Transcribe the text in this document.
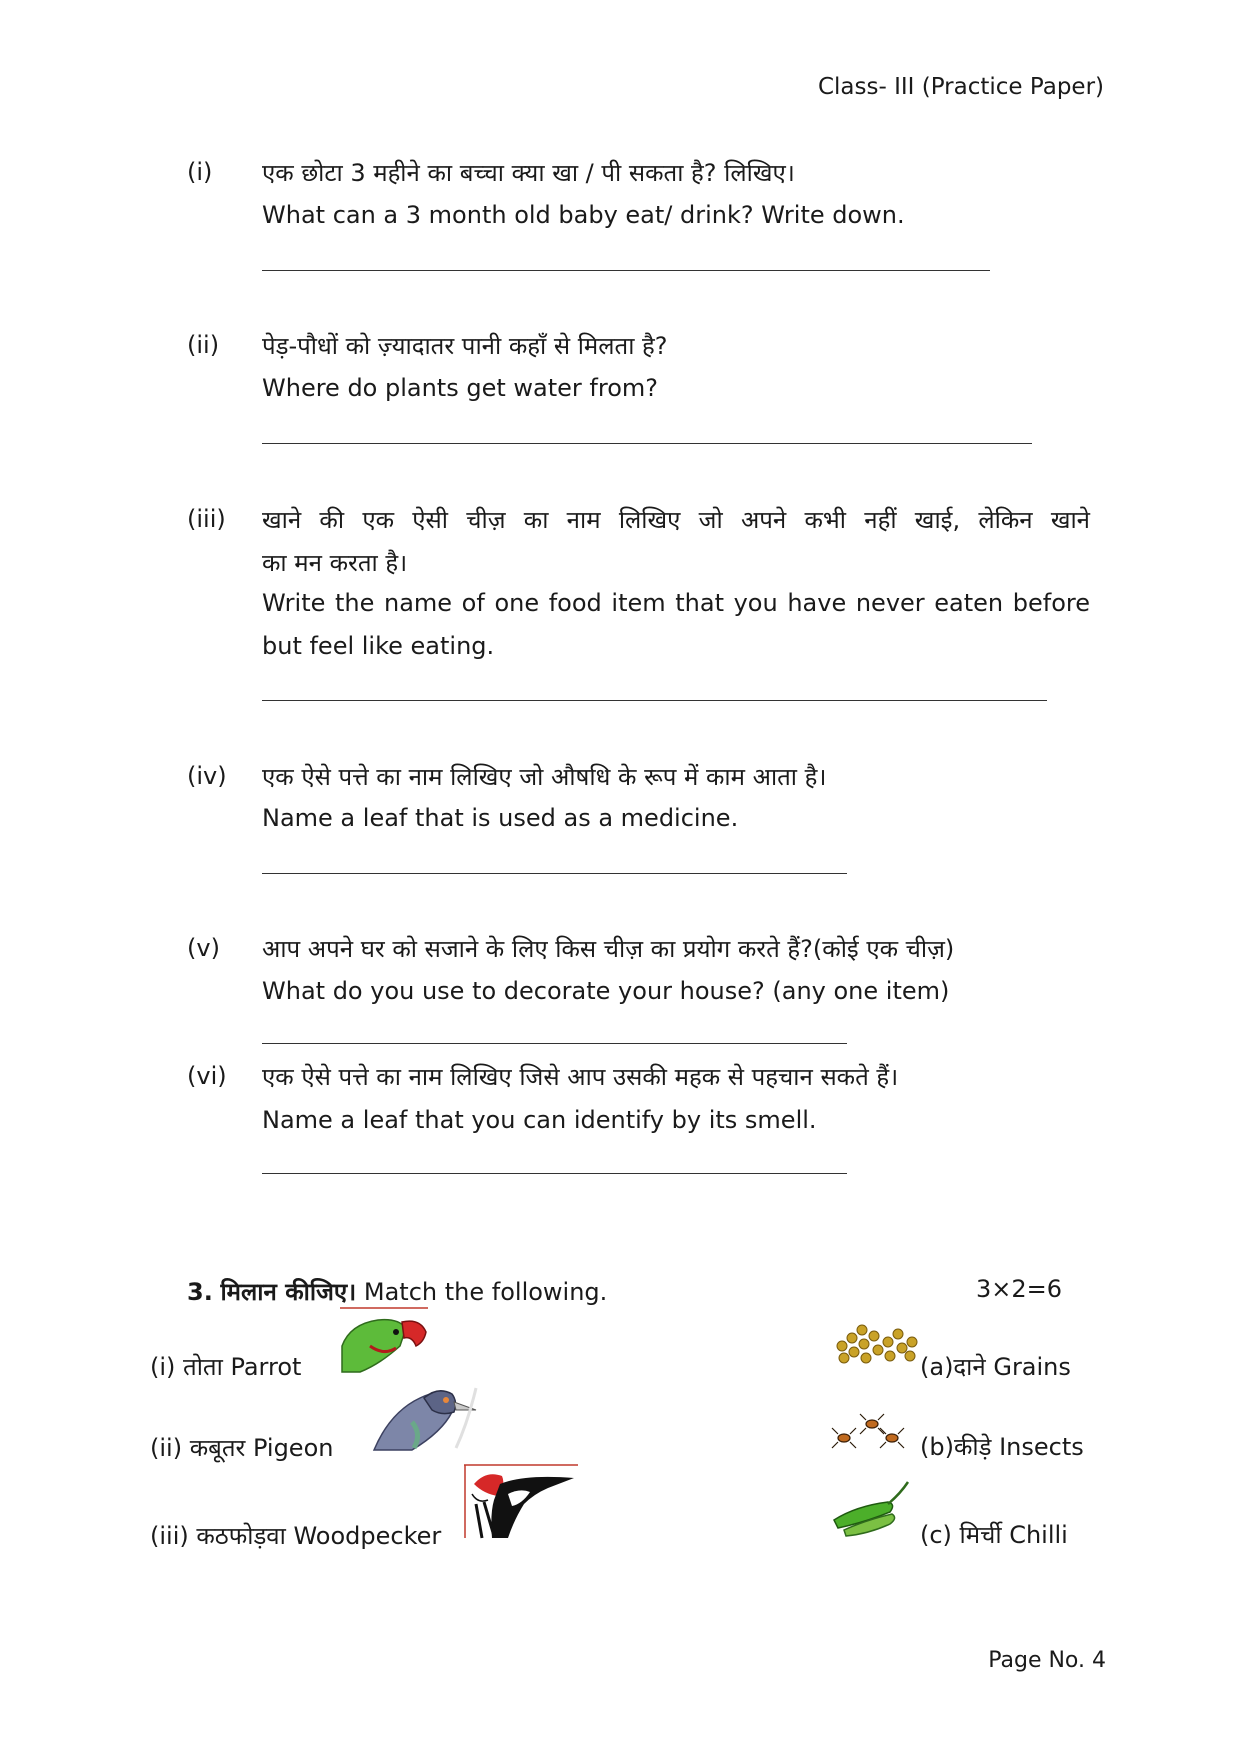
Class- III (Practice Paper)
(i) एक छोटा 3 महीने का बच्चा क्या खा / पी सकता है? लिखिए।
What can a 3 month old baby eat/ drink? Write down.
(ii) पेड़-पौधों को ज़्यादातर पानी कहाँ से मिलता है?
Where do plants get water from?
(iii) खाने की एक ऐसी चीज़ का नाम लिखिए जो अपने कभी नहीं खाई, लेकिन खाने
का मन करता है।
Write the name of one food item that you have never eaten before
but feel like eating.
(iv) एक ऐसे पत्ते का नाम लिखिए जो औषधि के रूप में काम आता है।
Name a leaf that is used as a medicine.
(v) आप अपने घर को सजाने के लिए किस चीज़ का प्रयोग करते हैं?(कोई एक चीज़)
What do you use to decorate your house? (any one item)
(vi) एक ऐसे पत्ते का नाम लिखिए जिसे आप उसकी महक से पहचान सकते हैं।
Name a leaf that you can identify by its smell.
3. मिलान कीजिए। Match the following.	3×2=6
(i) तोता Parrot
(ii) कबूतर Pigeon
(iii) कठफोड़वा Woodpecker
(a)दाने Grains
(b)कीड़े Insects
(c) मिर्ची Chilli
Page No. 4
